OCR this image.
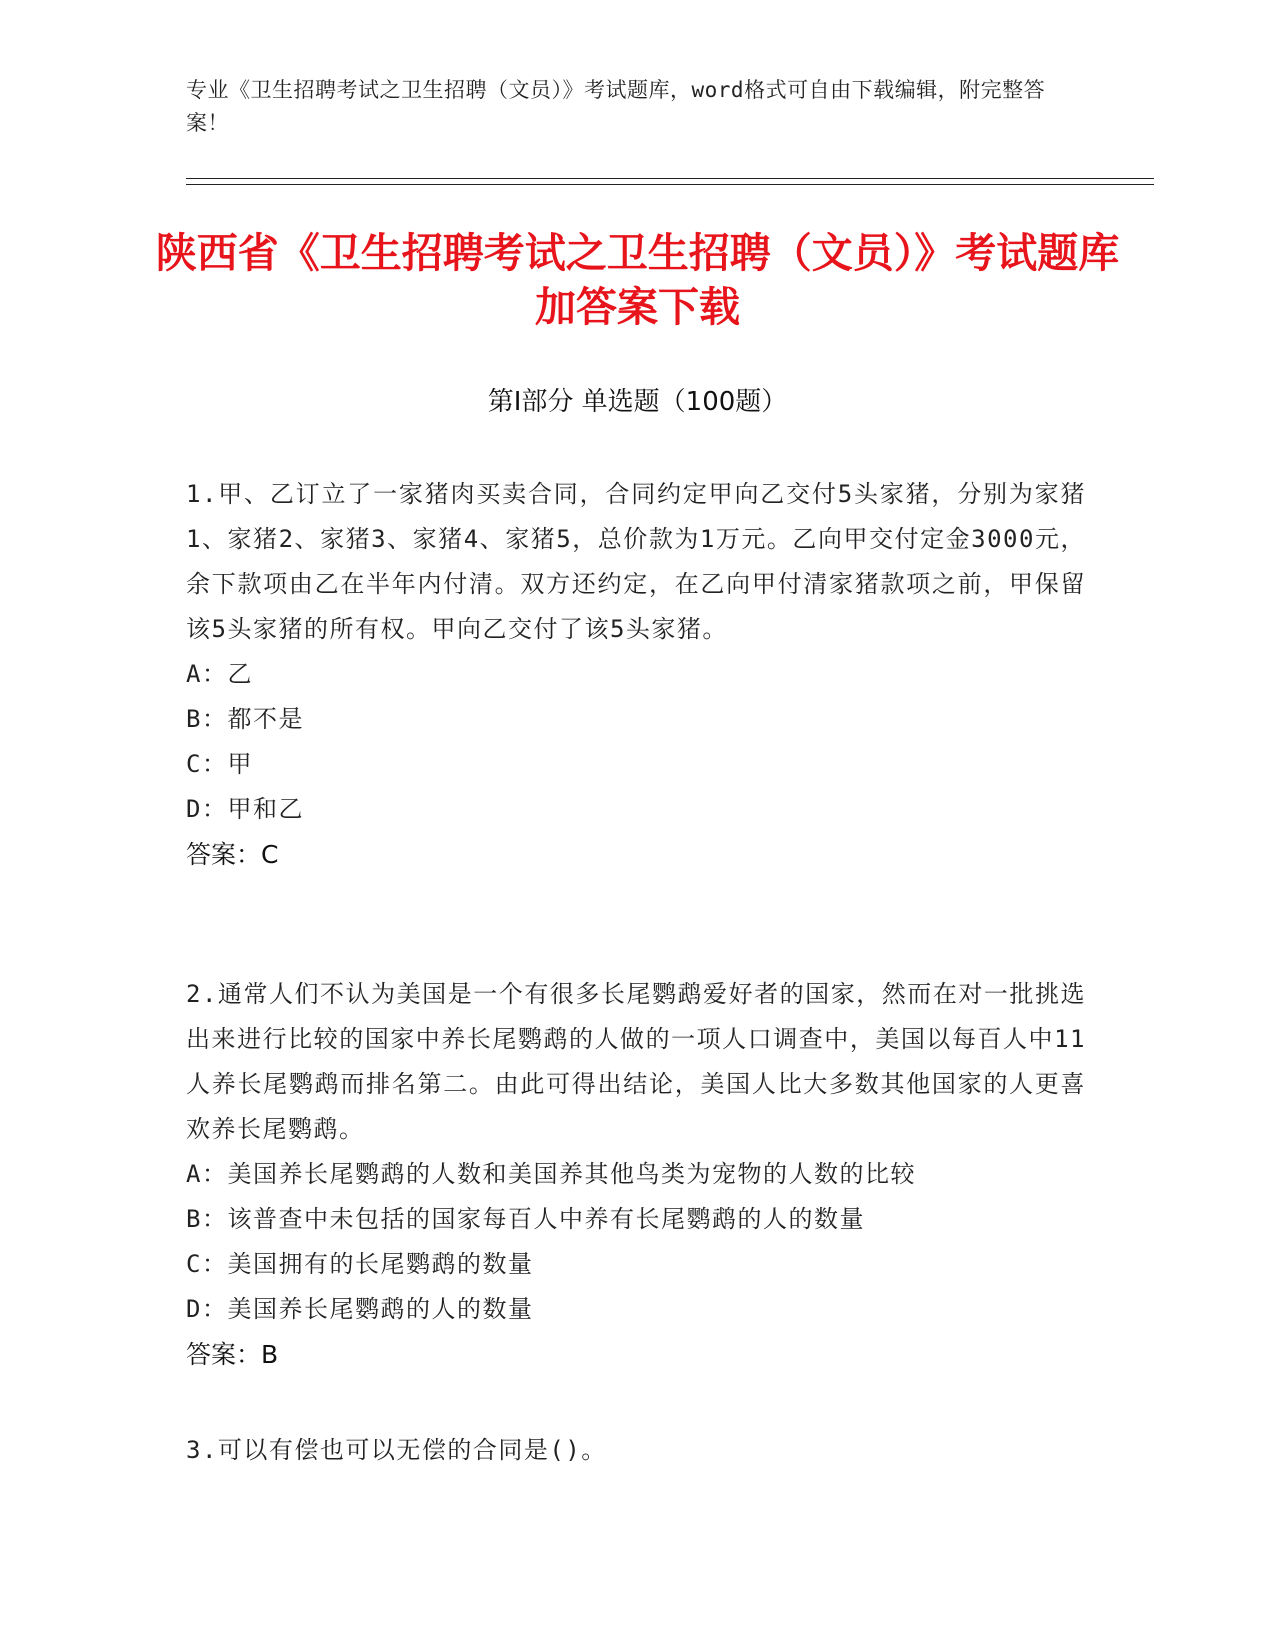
专业《卫生招聘考试之卫生招聘（文员）》考试题库，word格式可自由下载编辑，附完整答案！
陕西省《卫生招聘考试之卫生招聘（文员）》考试题库加答案下载
第Ⅰ部分 单选题（100题）
1.甲、乙订立了一家猪肉买卖合同，合同约定甲向乙交付5头家猪，分别为家猪1、家猪2、家猪3、家猪4、家猪5，总价款为1万元。乙向甲交付定金3000元，余下款项由乙在半年内付清。双方还约定，在乙向甲付清家猪款项之前，甲保留该5头家猪的所有权。甲向乙交付了该5头家猪。
A：乙
B：都不是
C：甲
D：甲和乙
答案：C
2.通常人们不认为美国是一个有很多长尾鹦鹉爱好者的国家，然而在对一批挑选出来进行比较的国家中养长尾鹦鹉的人做的一项人口调查中，美国以每百人中11人养长尾鹦鹉而排名第二。由此可得出结论，美国人比大多数其他国家的人更喜欢养长尾鹦鹉。
A：美国养长尾鹦鹉的人数和美国养其他鸟类为宠物的人数的比较
B：该普查中未包括的国家每百人中养有长尾鹦鹉的人的数量
C：美国拥有的长尾鹦鹉的数量
D：美国养长尾鹦鹉的人的数量
答案：B
3.可以有偿也可以无偿的合同是()。
